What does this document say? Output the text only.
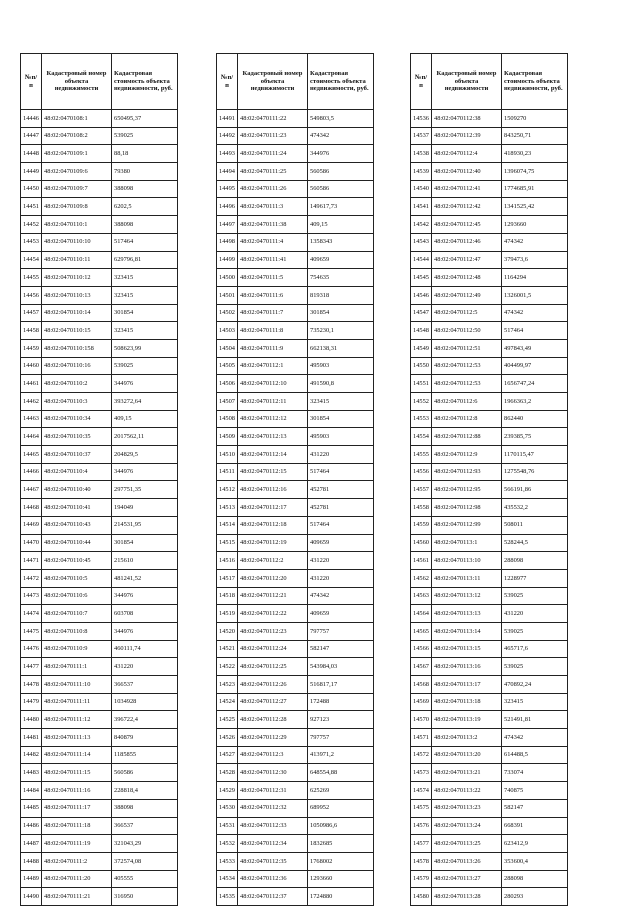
№п/п	Кадастровый номер объекта недвижимости	Кадастровая стоимость объекта недвижимости, руб.
14446	48:02:0470108:1	650495,37
14447	48:02:0470108:2	539025
14448	48:02:0470109:1	88,18
14449	48:02:0470109:6	79380
14450	48:02:0470109:7	388098
14451	48:02:0470109:8	6202,5
14452	48:02:0470110:1	388098
14453	48:02:0470110:10	517464
14454	48:02:0470110:11	629796,81
14455	48:02:0470110:12	323415
14456	48:02:0470110:13	323415
14457	48:02:0470110:14	301854
14458	48:02:0470110:15	323415
14459	48:02:0470110:158	508623,99
14460	48:02:0470110:16	539025
14461	48:02:0470110:2	344976
14462	48:02:0470110:3	393272,64
14463	48:02:0470110:34	409,15
14464	48:02:0470110:35	2017562,11
14465	48:02:0470110:37	204829,5
14466	48:02:0470110:4	344976
14467	48:02:0470110:40	297751,35
14468	48:02:0470110:41	194049
14469	48:02:0470110:43	214531,95
14470	48:02:0470110:44	301854
14471	48:02:0470110:45	215610
14472	48:02:0470110:5	481241,52
14473	48:02:0470110:6	344976
14474	48:02:0470110:7	603708
14475	48:02:0470110:8	344976
14476	48:02:0470110:9	460111,74
14477	48:02:0470111:1	431220
14478	48:02:0470111:10	366537
14479	48:02:0470111:11	1034928
14480	48:02:0470111:12	396722,4
14481	48:02:0470111:13	840879
14482	48:02:0470111:14	1185855
14483	48:02:0470111:15	560586
14484	48:02:0470111:16	228818,4
14485	48:02:0470111:17	388098
14486	48:02:0470111:18	366537
14487	48:02:0470111:19	321043,29
14488	48:02:0470111:2	372574,08
14489	48:02:0470111:20	405555
14490	48:02:0470111:21	316950
№п/п	Кадастровый номер объекта недвижимости	Кадастровая стоимость объекта недвижимости, руб.
14491	48:02:0470111:22	549803,5
14492	48:02:0470111:23	474342
14493	48:02:0470111:24	344976
14494	48:02:0470111:25	560586
14495	48:02:0470111:26	560586
14496	48:02:0470111:3	149617,73
14497	48:02:0470111:38	409,15
14498	48:02:0470111:4	1358343
14499	48:02:0470111:41	409659
14500	48:02:0470111:5	754635
14501	48:02:0470111:6	819318
14502	48:02:0470111:7	301854
14503	48:02:0470111:8	735230,1
14504	48:02:0470111:9	662138,31
14505	48:02:0470112:1	495903
14506	48:02:0470112:10	491590,8
14507	48:02:0470112:11	323415
14508	48:02:0470112:12	301854
14509	48:02:0470112:13	495903
14510	48:02:0470112:14	431220
14511	48:02:0470112:15	517464
14512	48:02:0470112:16	452781
14513	48:02:0470112:17	452781
14514	48:02:0470112:18	517464
14515	48:02:0470112:19	409659
14516	48:02:0470112:2	431220
14517	48:02:0470112:20	431220
14518	48:02:0470112:21	474342
14519	48:02:0470112:22	409659
14520	48:02:0470112:23	797757
14521	48:02:0470112:24	582147
14522	48:02:0470112:25	543984,03
14523	48:02:0470112:26	516817,17
14524	48:02:0470112:27	172488
14525	48:02:0470112:28	927123
14526	48:02:0470112:29	797757
14527	48:02:0470112:3	413971,2
14528	48:02:0470112:30	648554,88
14529	48:02:0470112:31	625269
14530	48:02:0470112:32	689952
14531	48:02:0470112:33	1050986,6
14532	48:02:0470112:34	1832685
14533	48:02:0470112:35	1768002
14534	48:02:0470112:36	1293660
14535	48:02:0470112:37	1724880
№п/п	Кадастровый номер объекта недвижимости	Кадастровая стоимость объекта недвижимости, руб.
14536	48:02:0470112:38	1509270
14537	48:02:0470112:39	843250,71
14538	48:02:0470112:4	418930,23
14539	48:02:0470112:40	1396074,75
14540	48:02:0470112:41	1774685,91
14541	48:02:0470112:42	1341525,42
14542	48:02:0470112:45	1293660
14543	48:02:0470112:46	474342
14544	48:02:0470112:47	379473,6
14545	48:02:0470112:48	1164294
14546	48:02:0470112:49	1326001,5
14547	48:02:0470112:5	474342
14548	48:02:0470112:50	517464
14549	48:02:0470112:51	497843,49
14550	48:02:0470112:53	404499,97
14551	48:02:0470112:53	1656747,24
14552	48:02:0470112:6	1966363,2
14553	48:02:0470112:8	862440
14554	48:02:0470112:88	239385,75
14555	48:02:0470112:9	1170115,47
14556	48:02:0470112:93	1275548,76
14557	48:02:0470112:95	566191,86
14558	48:02:0470112:98	435532,2
14559	48:02:0470112:99	508011
14560	48:02:0470113:1	528244,5
14561	48:02:0470113:10	288098
14562	48:02:0470113:11	1228977
14563	48:02:0470113:12	539025
14564	48:02:0470113:13	431220
14565	48:02:0470113:14	539025
14566	48:02:0470113:15	465717,6
14567	48:02:0470113:16	539025
14568	48:02:0470113:17	470892,24
14569	48:02:0470113:18	323415
14570	48:02:0470113:19	521491,81
14571	48:02:0470113:2	474342
14572	48:02:0470113:20	614488,5
14573	48:02:0470113:21	733074
14574	48:02:0470113:22	740875
14575	48:02:0470113:23	582147
14576	48:02:0470113:24	668391
14577	48:02:0470113:25	623412,9
14578	48:02:0470113:26	353600,4
14579	48:02:0470113:27	288098
14580	48:02:0470113:28	280293
